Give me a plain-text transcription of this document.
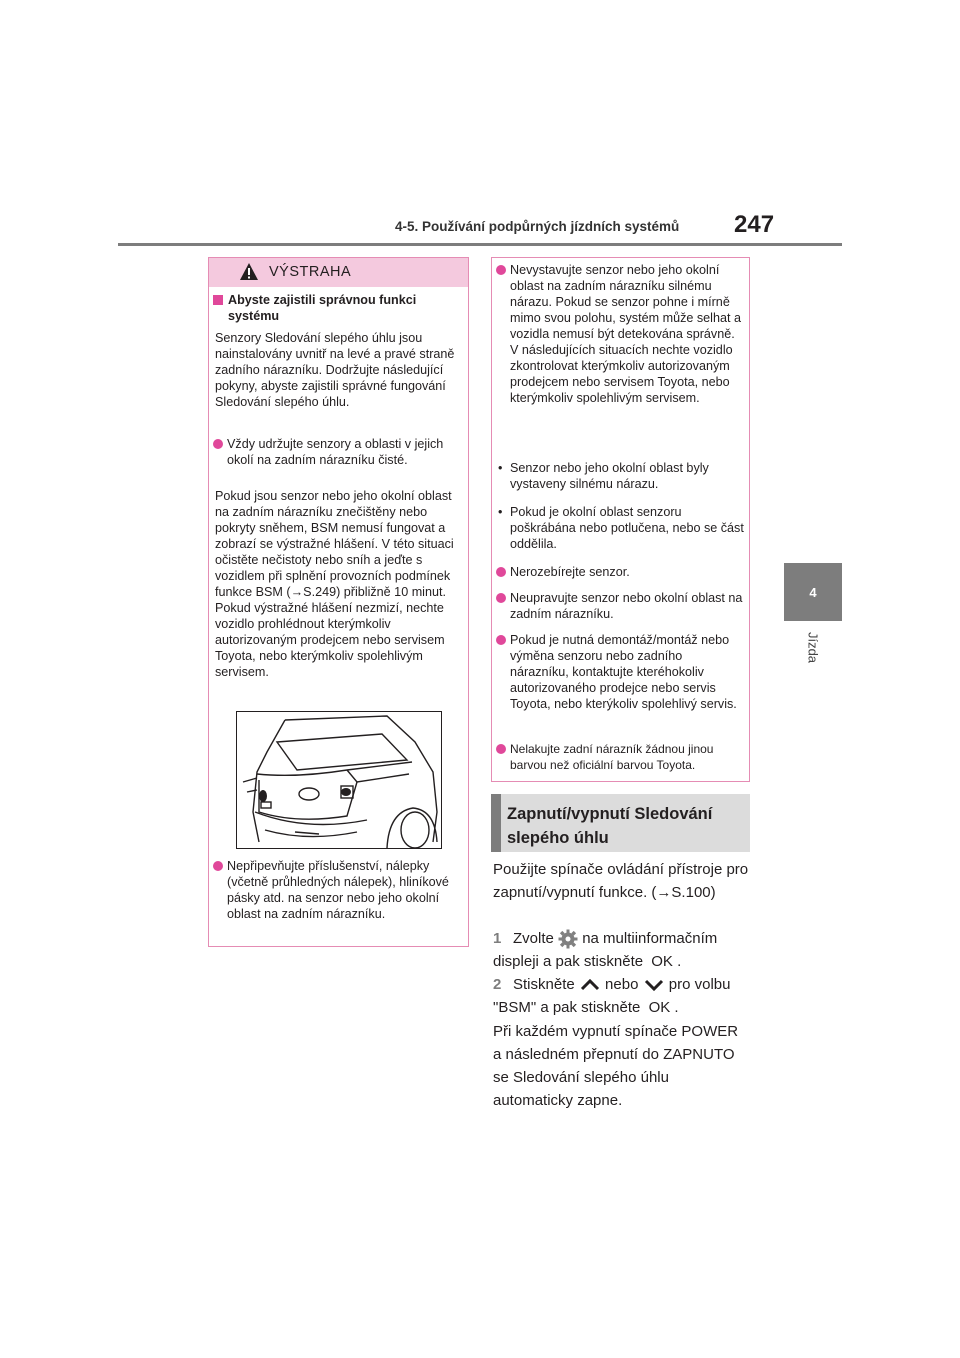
4-5. Používání podpůrných jízdních systémů 247
4
Jízda
VÝSTRAHA
Abyste zajistili správnou funkci systému
Senzory Sledování slepého úhlu jsou nainstalovány uvnitř na levé a pravé straně zadního nárazníku. Dodržujte následující pokyny, abyste zajistili správné fungování Sledování slepého úhlu.
Vždy udržujte senzory a oblasti v jejich okolí na zadním nárazníku čisté.
Pokud jsou senzor nebo jeho okolní oblast na zadním nárazníku znečištěny nebo pokryty sněhem, BSM nemusí fungovat a zobrazí se výstražné hlášení. V této situaci očistěte nečistoty nebo sníh a jeďte s vozidlem při splnění provozních podmínek funkce BSM (→S.249) přibližně 10 minut. Pokud výstražné hlášení nezmizí, nechte vozidlo prohlédnout kterýmkoliv autorizovaným prodejcem nebo servisem Toyota, nebo kterýmkoliv spolehlivým servisem.
Nepřipevňujte příslušenství, nálepky (včetně průhledných nálepek), hliníkové pásky atd. na senzor nebo jeho okolní oblast na zadním nárazníku.
Nevystavujte senzor nebo jeho okolní oblast na zadním nárazníku silnému nárazu. Pokud se senzor pohne i mírně mimo svou polohu, systém může selhat a vozidla nemusí být detekována správně. V následujících situacích nechte vozidlo zkontrolovat kterýmkoliv autorizovaným prodejcem nebo servisem Toyota, nebo kterýmkoliv spolehlivým servisem.
• Senzor nebo jeho okolní oblast byly vystaveny silnému nárazu.
• Pokud je okolní oblast senzoru poškrábána nebo potlučena, nebo se část oddělila.
Nerozebírejte senzor.
Neupravujte senzor nebo okolní oblast na zadním nárazníku.
Pokud je nutná demontáž/montáž nebo výměna senzoru nebo zadního nárazníku, kontaktujte kteréhokoliv autorizovaného prodejce nebo servis Toyota, nebo kterýkoliv spolehlivý servis.
Nelakujte zadní nárazník žádnou jinou barvou než oficiální barvou Toyota.
Zapnutí/vypnutí Sledování slepého úhlu
Použijte spínače ovládání přístroje pro zapnutí/vypnutí funkce. (→S.100)
1 Zvolte na multiinformačním displeji a pak stiskněte OK .
2 Stiskněte nebo pro volbu "BSM" a pak stiskněte OK .
Při každém vypnutí spínače POWER a následném přepnutí do ZAPNUTO se Sledování slepého úhlu automaticky zapne.
